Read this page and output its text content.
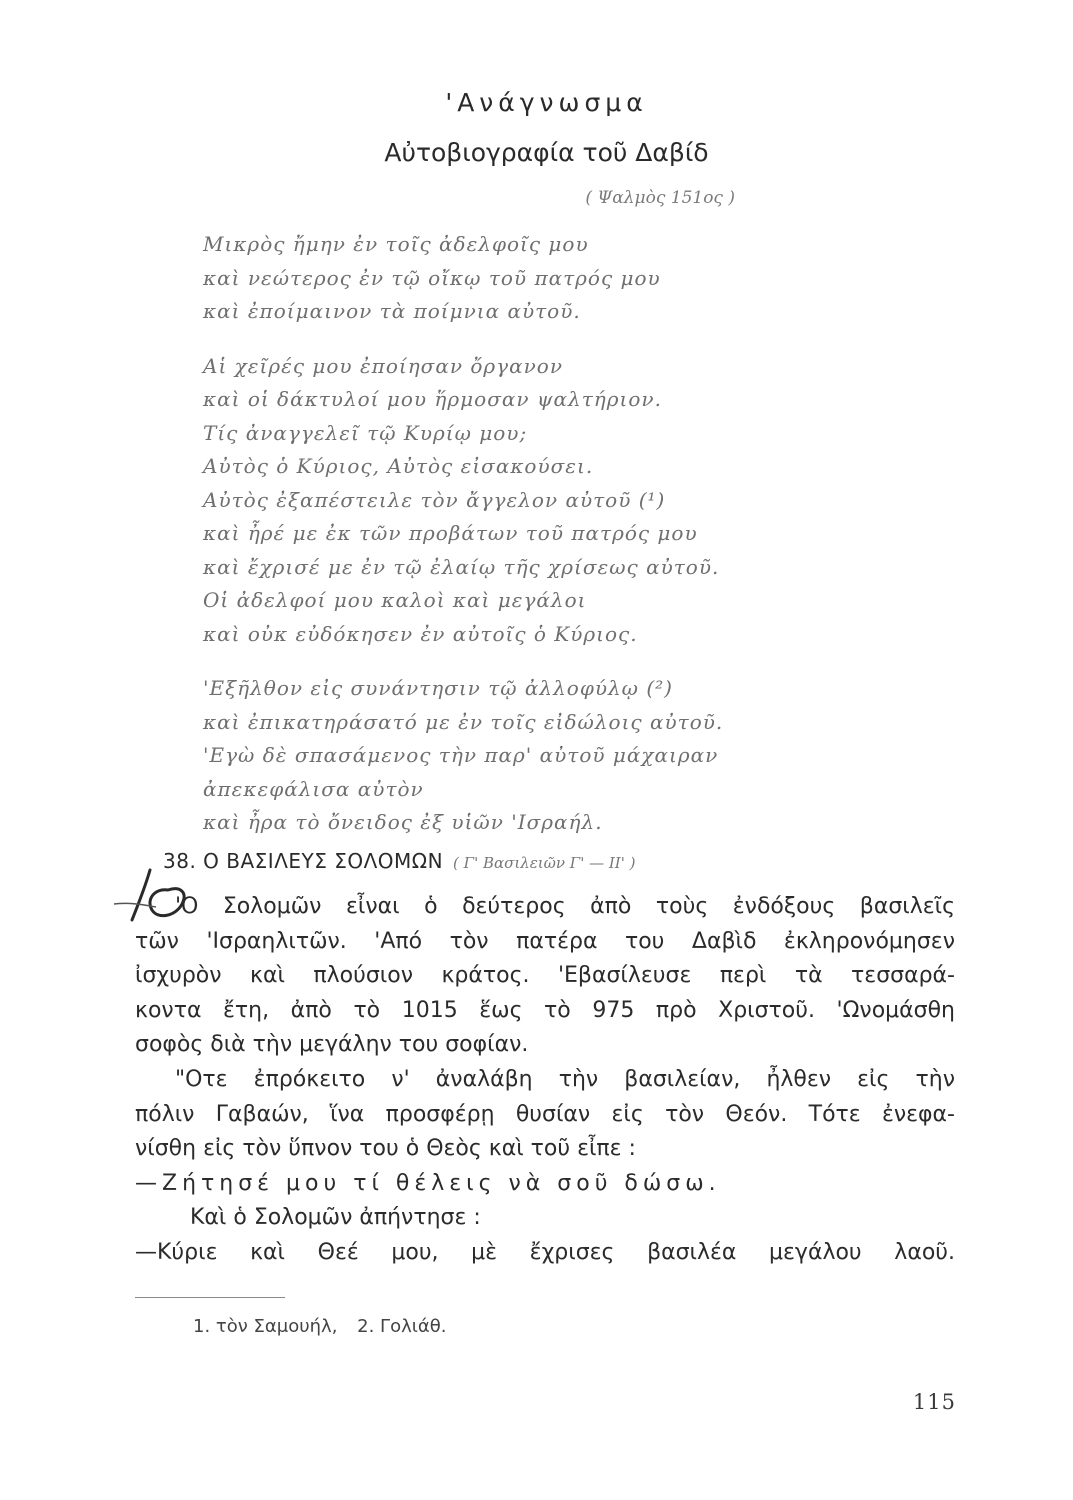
'Ανάγνωσμα
Αὐτοβιογραφία τοῦ Δαβίδ
( Ψαλμὸς 151ος )
Μικρὸς ἤμην ἐν τοῖς ἀδελφοῖς μου
καὶ νεώτερος ἐν τῷ οἴκῳ τοῦ πατρός μου
καὶ ἐποίμαινον τὰ ποίμνια αὐτοῦ.
Αἱ χεῖρές μου ἐποίησαν ὄργανον
καὶ οἱ δάκτυλοί μου ἥρμοσαν ψαλτήριον.
Τίς ἀναγγελεῖ τῷ Κυρίῳ μου;
Αὐτὸς ὁ Κύριος, Αὐτὸς εἰσακούσει.
Αὐτὸς ἐξαπέστειλε τὸν ἄγγελον αὐτοῦ (¹)
καὶ ἦρέ με ἐκ τῶν προβάτων τοῦ πατρός μου
καὶ ἔχρισέ με ἐν τῷ ἐλαίῳ τῆς χρίσεως αὐτοῦ.
Οἱ ἀδελφοί μου καλοὶ καὶ μεγάλοι
καὶ οὐκ εὐδόκησεν ἐν αὐτοῖς ὁ Κύριος.
'Εξῆλθον εἰς συνάντησιν τῷ ἀλλοφύλῳ (²)
καὶ ἐπικατηράσατό με ἐν τοῖς εἰδώλοις αὐτοῦ.
'Εγὼ δὲ σπασάμενος τὴν παρ' αὐτοῦ μάχαιραν
ἀπεκεφάλισα αὐτὸν
καὶ ἦρα τὸ ὄνειδος ἐξ υἱῶν 'Ισραήλ.
38. Ο ΒΑΣΙΛΕΥΣ ΣΟΛΟΜΩΝ ( Γ' Βασιλειῶν Γ' — ΙΙ' )
'Ο Σολομῶν εἶναι ὁ δεύτερος ἀπὸ τοὺς ἐνδόξους βασιλεῖς
τῶν 'Ισραηλιτῶν. 'Από τὸν πατέρα του Δαβὶδ ἐκληρονόμησεν
ἰσχυρὸν καὶ πλούσιον κράτος. 'Εβασίλευσε περὶ τὰ τεσσαρά-
κοντα ἔτη, ἀπὸ τὸ 1015 ἕως τὸ 975 πρὸ Χριστοῦ. 'Ωνομάσθη
σοφὸς διὰ τὴν μεγάλην του σοφίαν.
"Οτε ἐπρόκειτο ν' ἀναλάβη τὴν βασιλείαν, ἦλθεν εἰς τὴν
πόλιν Γαβαών, ἵνα προσφέρῃ θυσίαν εἰς τὸν Θεόν. Τότε ἐνεφα-
νίσθη εἰς τὸν ὕπνον του ὁ Θεὸς καὶ τοῦ εἶπε :
—Ζήτησέ μου τί θέλεις νὰ σοῦ δώσω.
Καὶ ὁ Σολομῶν ἀπήντησε :
—Κύριε καὶ Θεέ μου, μὲ ἔχρισες βασιλέα μεγάλου λαοῦ.
1. τὸν Σαμουήλ, 2. Γολιάθ.
115
